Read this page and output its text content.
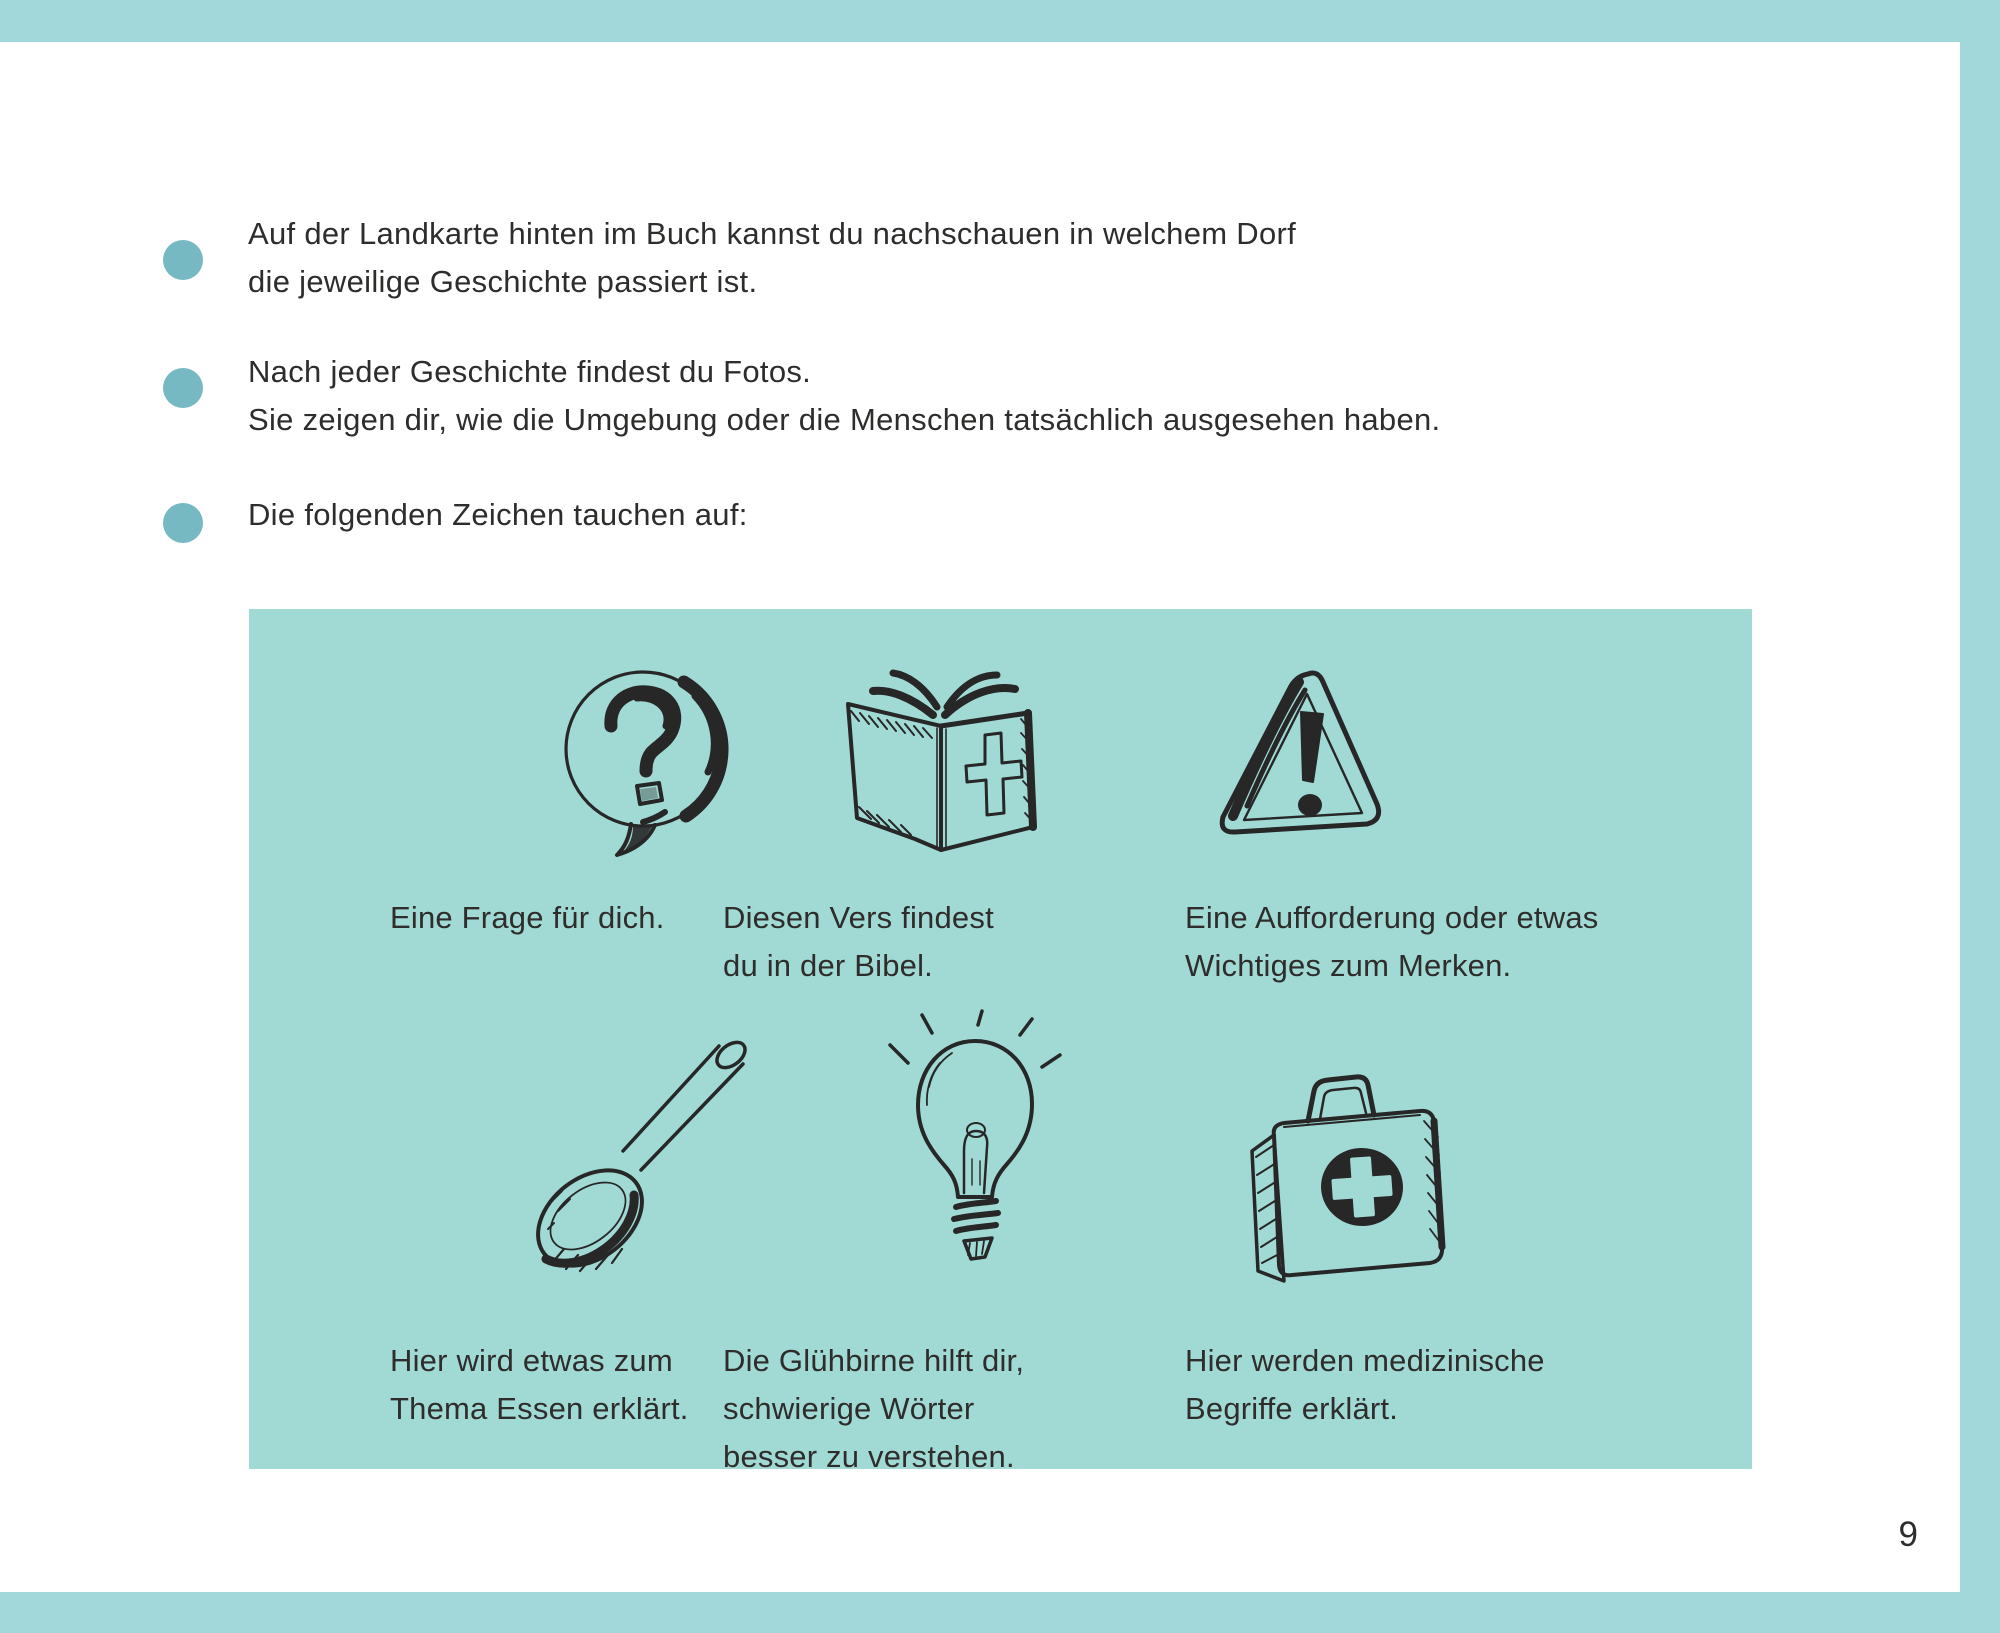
Auf der Landkarte hinten im Buch kannst du nachschauen in welchem Dorf
die jeweilige Geschichte passiert ist.
Nach jeder Geschichte findest du Fotos.
Sie zeigen dir, wie die Umgebung oder die Menschen tatsächlich ausgesehen haben.
Die folgenden Zeichen tauchen auf:
Eine Frage für dich. Diesen Vers findest
du in der Bibel.
Eine Aufforderung oder etwas
Wichtiges zum Merken.
Hier wird etwas zum
Thema Essen erklärt.
Die Glühbirne hilft dir,
schwierige Wörter
besser zu verstehen.
Hier werden medizinische
Begriffe erklärt.
9
